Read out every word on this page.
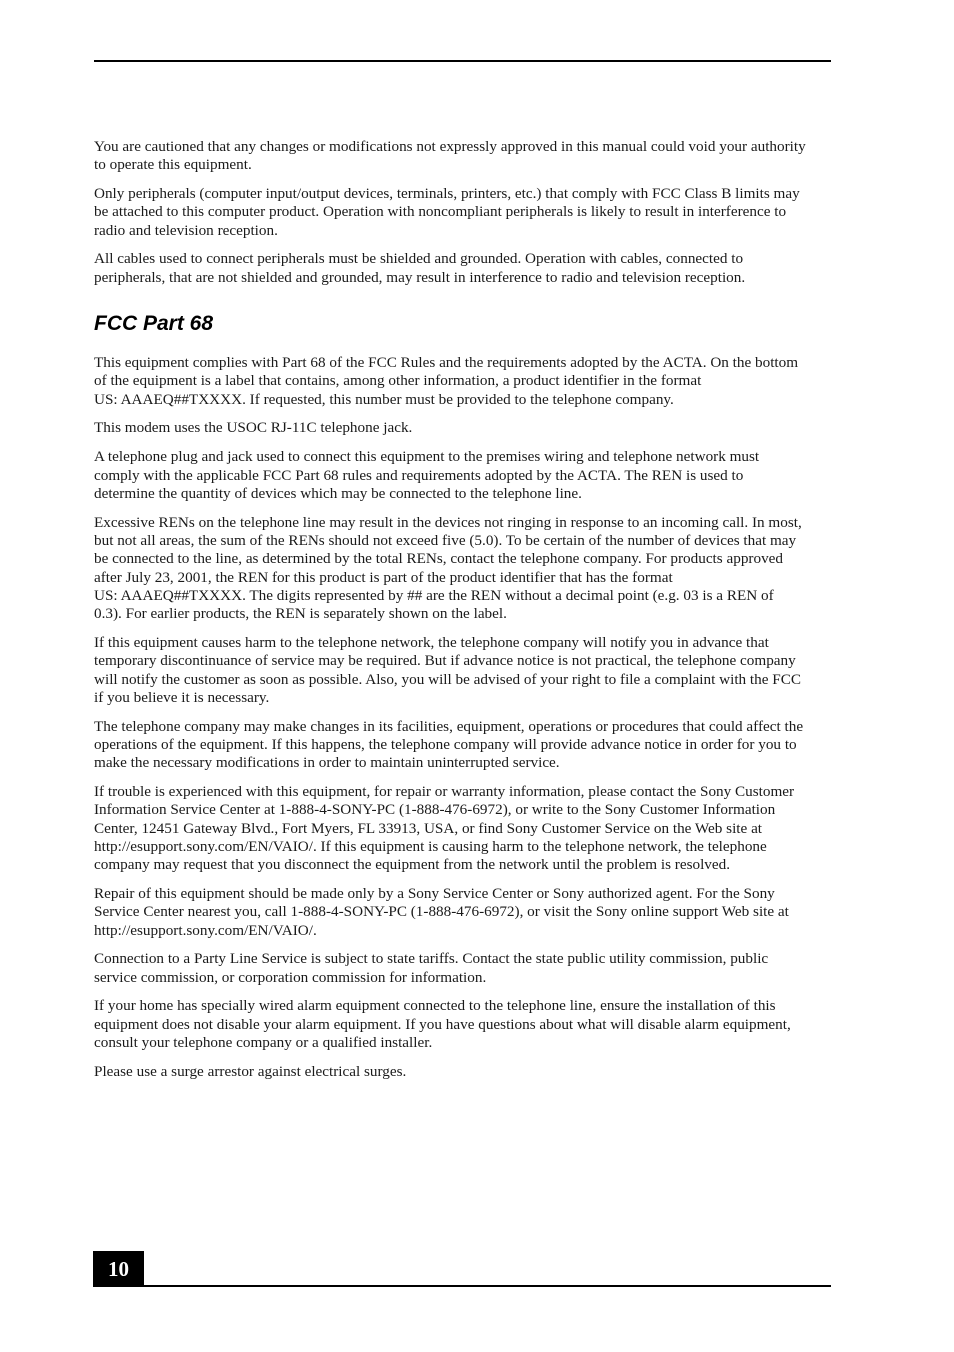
You are cautioned that any changes or modifications not expressly approved in this manual could void your authority
to operate this equipment.

Only peripherals (computer input/output devices, terminals, printers, etc.) that comply with FCC Class B limits may
be attached to this computer product. Operation with noncompliant peripherals is likely to result in interference to
radio and television reception.

All cables used to connect peripherals must be shielded and grounded. Operation with cables, connected to
peripherals, that are not shielded and grounded, may result in interference to radio and television reception.

FCC Part 68

This equipment complies with Part 68 of the FCC Rules and the requirements adopted by the ACTA. On the bottom
of the equipment is a label that contains, among other information, a product identifier in the format
US: AAAEQ##TXXXX. If requested, this number must be provided to the telephone company.

This modem uses the USOC RJ-11C telephone jack.

A telephone plug and jack used to connect this equipment to the premises wiring and telephone network must
comply with the applicable FCC Part 68 rules and requirements adopted by the ACTA. The REN is used to
determine the quantity of devices which may be connected to the telephone line.

Excessive RENs on the telephone line may result in the devices not ringing in response to an incoming call. In most,
but not all areas, the sum of the RENs should not exceed five (5.0). To be certain of the number of devices that may
be connected to the line, as determined by the total RENs, contact the telephone company. For products approved
after July 23, 2001, the REN for this product is part of the product identifier that has the format
US: AAAEQ##TXXXX. The digits represented by ## are the REN without a decimal point (e.g. 03 is a REN of
0.3). For earlier products, the REN is separately shown on the label.

If this equipment causes harm to the telephone network, the telephone company will notify you in advance that
temporary discontinuance of service may be required. But if advance notice is not practical, the telephone company
will notify the customer as soon as possible. Also, you will be advised of your right to file a complaint with the FCC
if you believe it is necessary.

The telephone company may make changes in its facilities, equipment, operations or procedures that could affect the
operations of the equipment. If this happens, the telephone company will provide advance notice in order for you to
make the necessary modifications in order to maintain uninterrupted service.

If trouble is experienced with this equipment, for repair or warranty information, please contact the Sony Customer
Information Service Center at 1-888-4-SONY-PC (1-888-476-6972), or write to the Sony Customer Information
Center, 12451 Gateway Blvd., Fort Myers, FL 33913, USA, or find Sony Customer Service on the Web site at
http://esupport.sony.com/EN/VAIO/. If this equipment is causing harm to the telephone network, the telephone
company may request that you disconnect the equipment from the network until the problem is resolved.

Repair of this equipment should be made only by a Sony Service Center or Sony authorized agent. For the Sony
Service Center nearest you, call 1-888-4-SONY-PC (1-888-476-6972), or visit the Sony online support Web site at
http://esupport.sony.com/EN/VAIO/.

Connection to a Party Line Service is subject to state tariffs. Contact the state public utility commission, public
service commission, or corporation commission for information.

If your home has specially wired alarm equipment connected to the telephone line, ensure the installation of this
equipment does not disable your alarm equipment. If you have questions about what will disable alarm equipment,
consult your telephone company or a qualified installer.

Please use a surge arrestor against electrical surges.

10
